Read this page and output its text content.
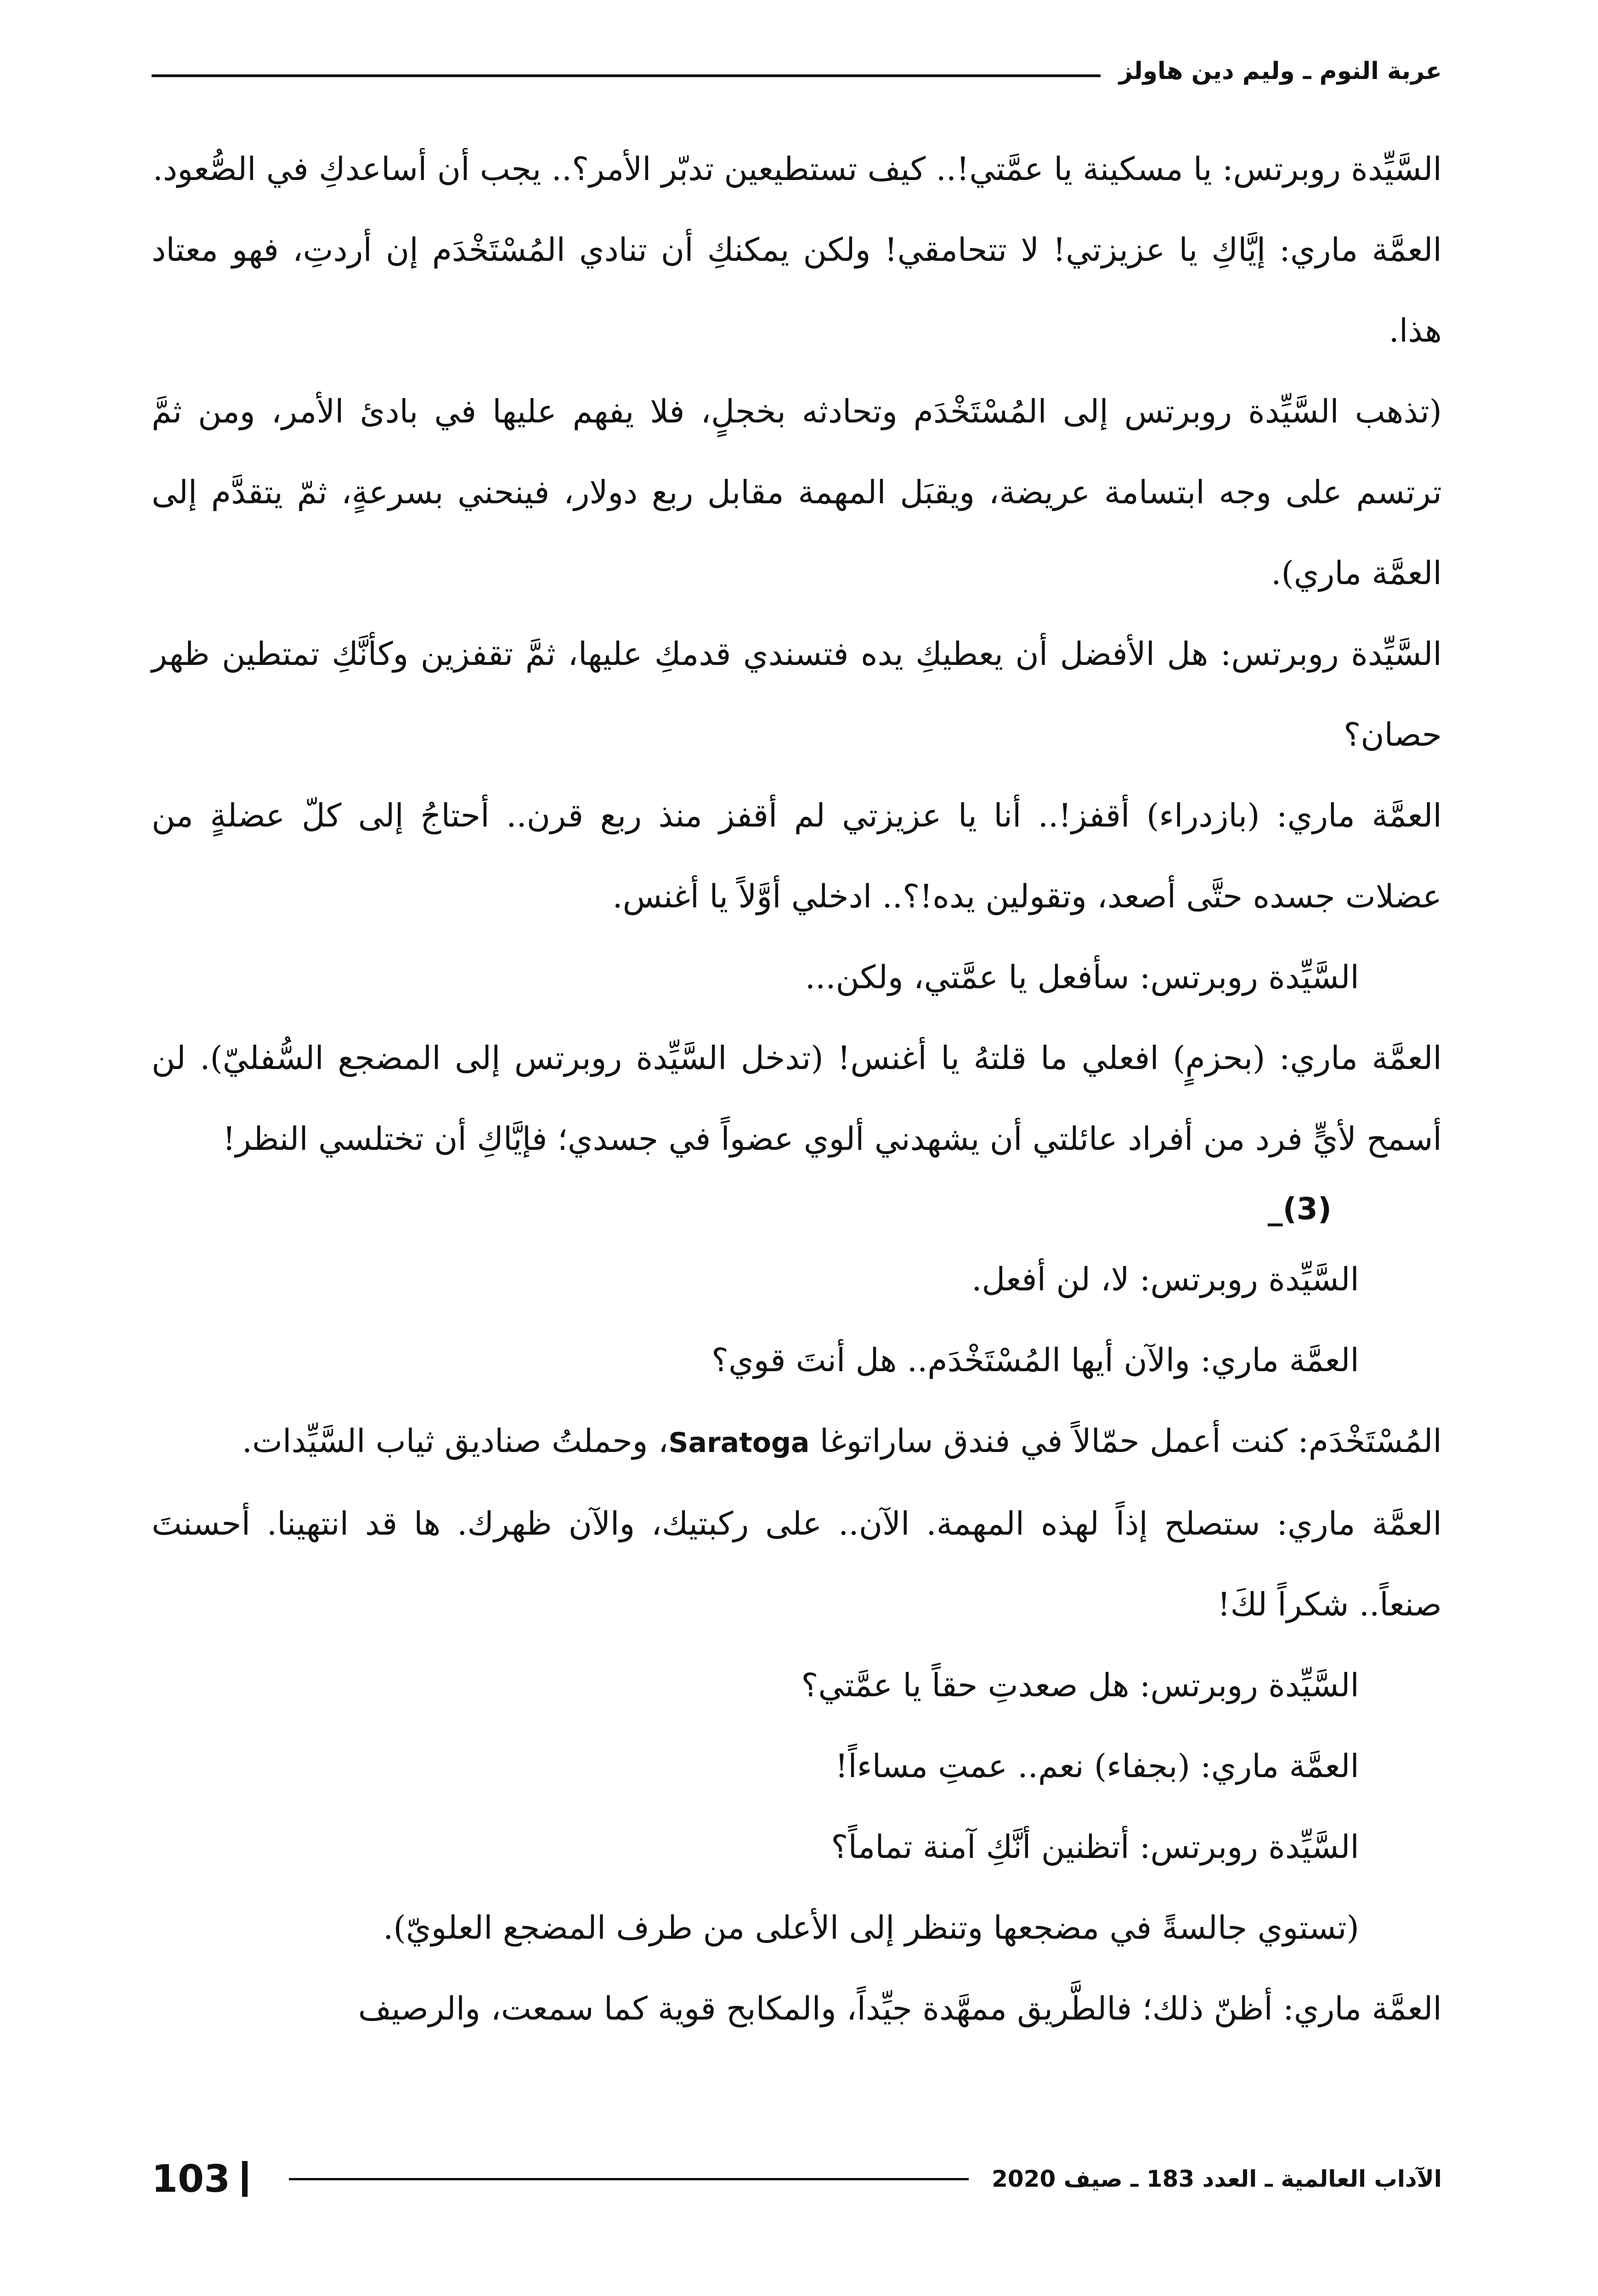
عربة النوم ـ وليم دين هاولز

السَّيِّدة روبرتس: يا مسكينة يا عمَّتي!.. كيف تستطيعين تدبّر الأمر؟.. يجب أن أساعدكِ في الصُّعود.

العمَّة ماري: إيَّاكِ يا عزيزتي! لا تتحامقي! ولكن يمكنكِ أن تنادي المُسْتَخْدَم إن أردتِ، فهو معتاد هذا.

(تذهب السَّيِّدة روبرتس إلى المُسْتَخْدَم وتحادثه بخجلٍ، فلا يفهم عليها في بادئ الأمر، ومن ثمَّ ترتسم على وجه ابتسامة عريضة، ويقبَل المهمة مقابل ربع دولار، فينحني بسرعةٍ، ثمّ يتقدَّم إلى العمَّة ماري).

السَّيِّدة روبرتس: هل الأفضل أن يعطيكِ يده فتسندي قدمكِ عليها، ثمَّ تقفزين وكأنَّكِ تمتطين ظهر حصان؟

العمَّة ماري: (بازدراء) أقفز!.. أنا يا عزيزتي لم أقفز منذ ربع قرن.. أحتاجُ إلى كلّ عضلةٍ من عضلات جسده حتَّى أصعد، وتقولين يده!؟.. ادخلي أوَّلاً يا أغنس.

السَّيِّدة روبرتس: سأفعل يا عمَّتي، ولكن...

العمَّة ماري: (بحزمٍ) افعلي ما قلتهُ يا أغنس! (تدخل السَّيِّدة روبرتس إلى المضجع السُّفليّ). لن أسمح لأيٍّ فرد من أفراد عائلتي أن يشهدني ألوي عضواً في جسدي؛ فإيَّاكِ أن تختلسي النظر!

_(3)

السَّيِّدة روبرتس: لا، لن أفعل.

العمَّة ماري: والآن أيها المُسْتَخْدَم.. هل أنتَ قوي؟

المُسْتَخْدَم: كنت أعمل حمّالاً في فندق ساراتوغا Saratoga، وحملتُ صناديق ثياب السَّيِّدات.

العمَّة ماري: ستصلح إذاً لهذه المهمة. الآن.. على ركبتيك، والآن ظهرك. ها قد انتهينا. أحسنتَ صنعاً.. شكراً لكَ!

السَّيِّدة روبرتس: هل صعدتِ حقاً يا عمَّتي؟

العمَّة ماري: (بجفاء) نعم.. عمتِ مساءاً!

السَّيِّدة روبرتس: أتظنين أنَّكِ آمنة تماماً؟

(تستوي جالسةً في مضجعها وتنظر إلى الأعلى من طرف المضجع العلويّ).

العمَّة ماري: أظنّ ذلك؛ فالطَّريق ممهَّدة جيِّداً، والمكابح قوية كما سمعت، والرصيف

103	الآداب العالمية ـ العدد 183 ـ صيف 2020
